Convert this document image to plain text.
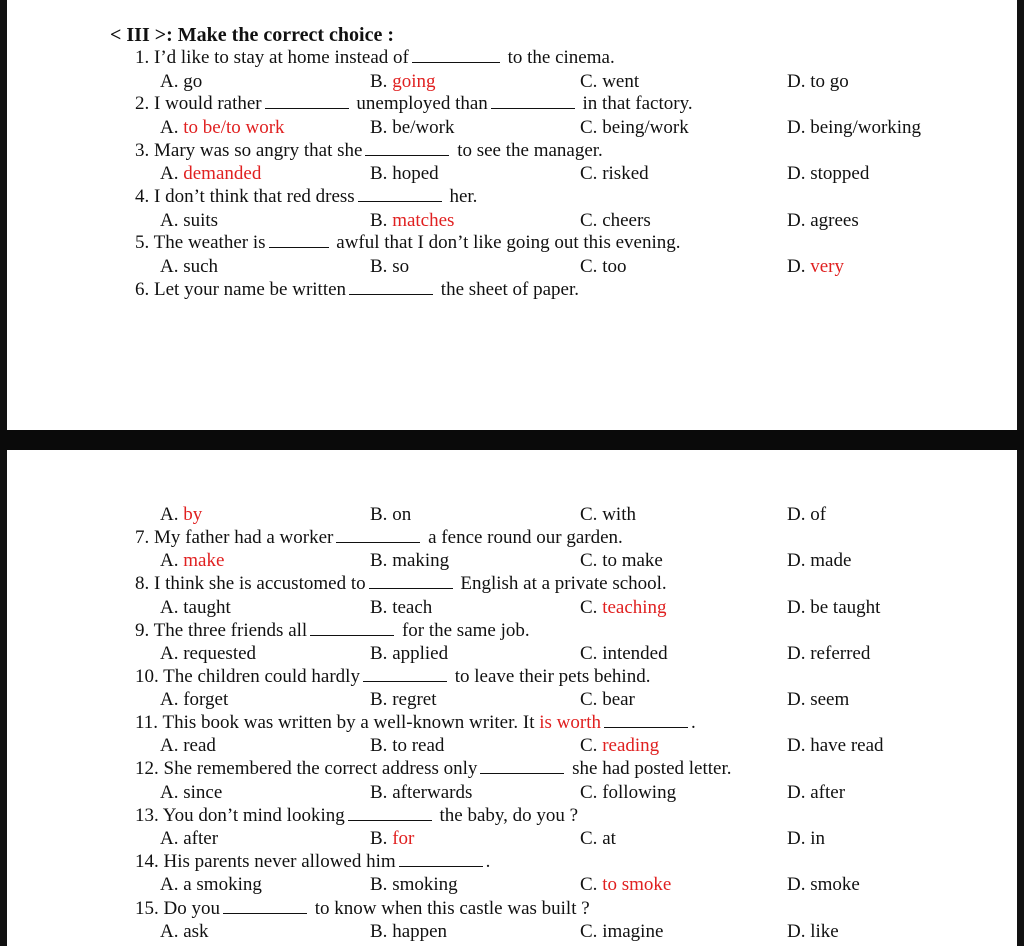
< III >: Make the correct choice :
1. I’d like to stay at home instead of	to the cinema.
A. go	B. going	C. went	D. to go
2. I would rather	unemployed than	in that factory.
A. to be/to work	B. be/work	C. being/work	D. being/working
3. Mary was so angry that she	to see the manager.
A. demanded	B. hoped	C. risked	D. stopped
4. I don’t think that red dress	her.
A. suits	B. matches	C. cheers	D. agrees
5. The weather is	awful that I don’t like going out this evening.
A. such	B. so	C. too	D. very
6. Let your name be written	the sheet of paper.
A. by	B. on	C. with	D. of
7. My father had a worker	a fence round our garden.
A. make	B. making	C. to make	D. made
8. I think she is accustomed to	English at a private school.
A. taught	B. teach	C. teaching	D. be taught
9. The three friends all	for the same job.
A. requested	B. applied	C. intended	D. referred
10. The children could hardly	to leave their pets behind.
A. forget	B. regret	C. bear	D. seem
11. This book was written by a well-known writer. It is worth	.
A. read	B. to read	C. reading	D. have read
12. She remembered the correct address only	she had posted letter.
A. since	B. afterwards	C. following	D. after
13. You don’t mind looking	the baby, do you ?
A. after	B. for	C. at	D. in
14. His parents never allowed him	.
A. a smoking	B. smoking	C. to smoke	D. smoke
15. Do you	to know when this castle was built ?
A. ask	B. happen	C. imagine	D. like
